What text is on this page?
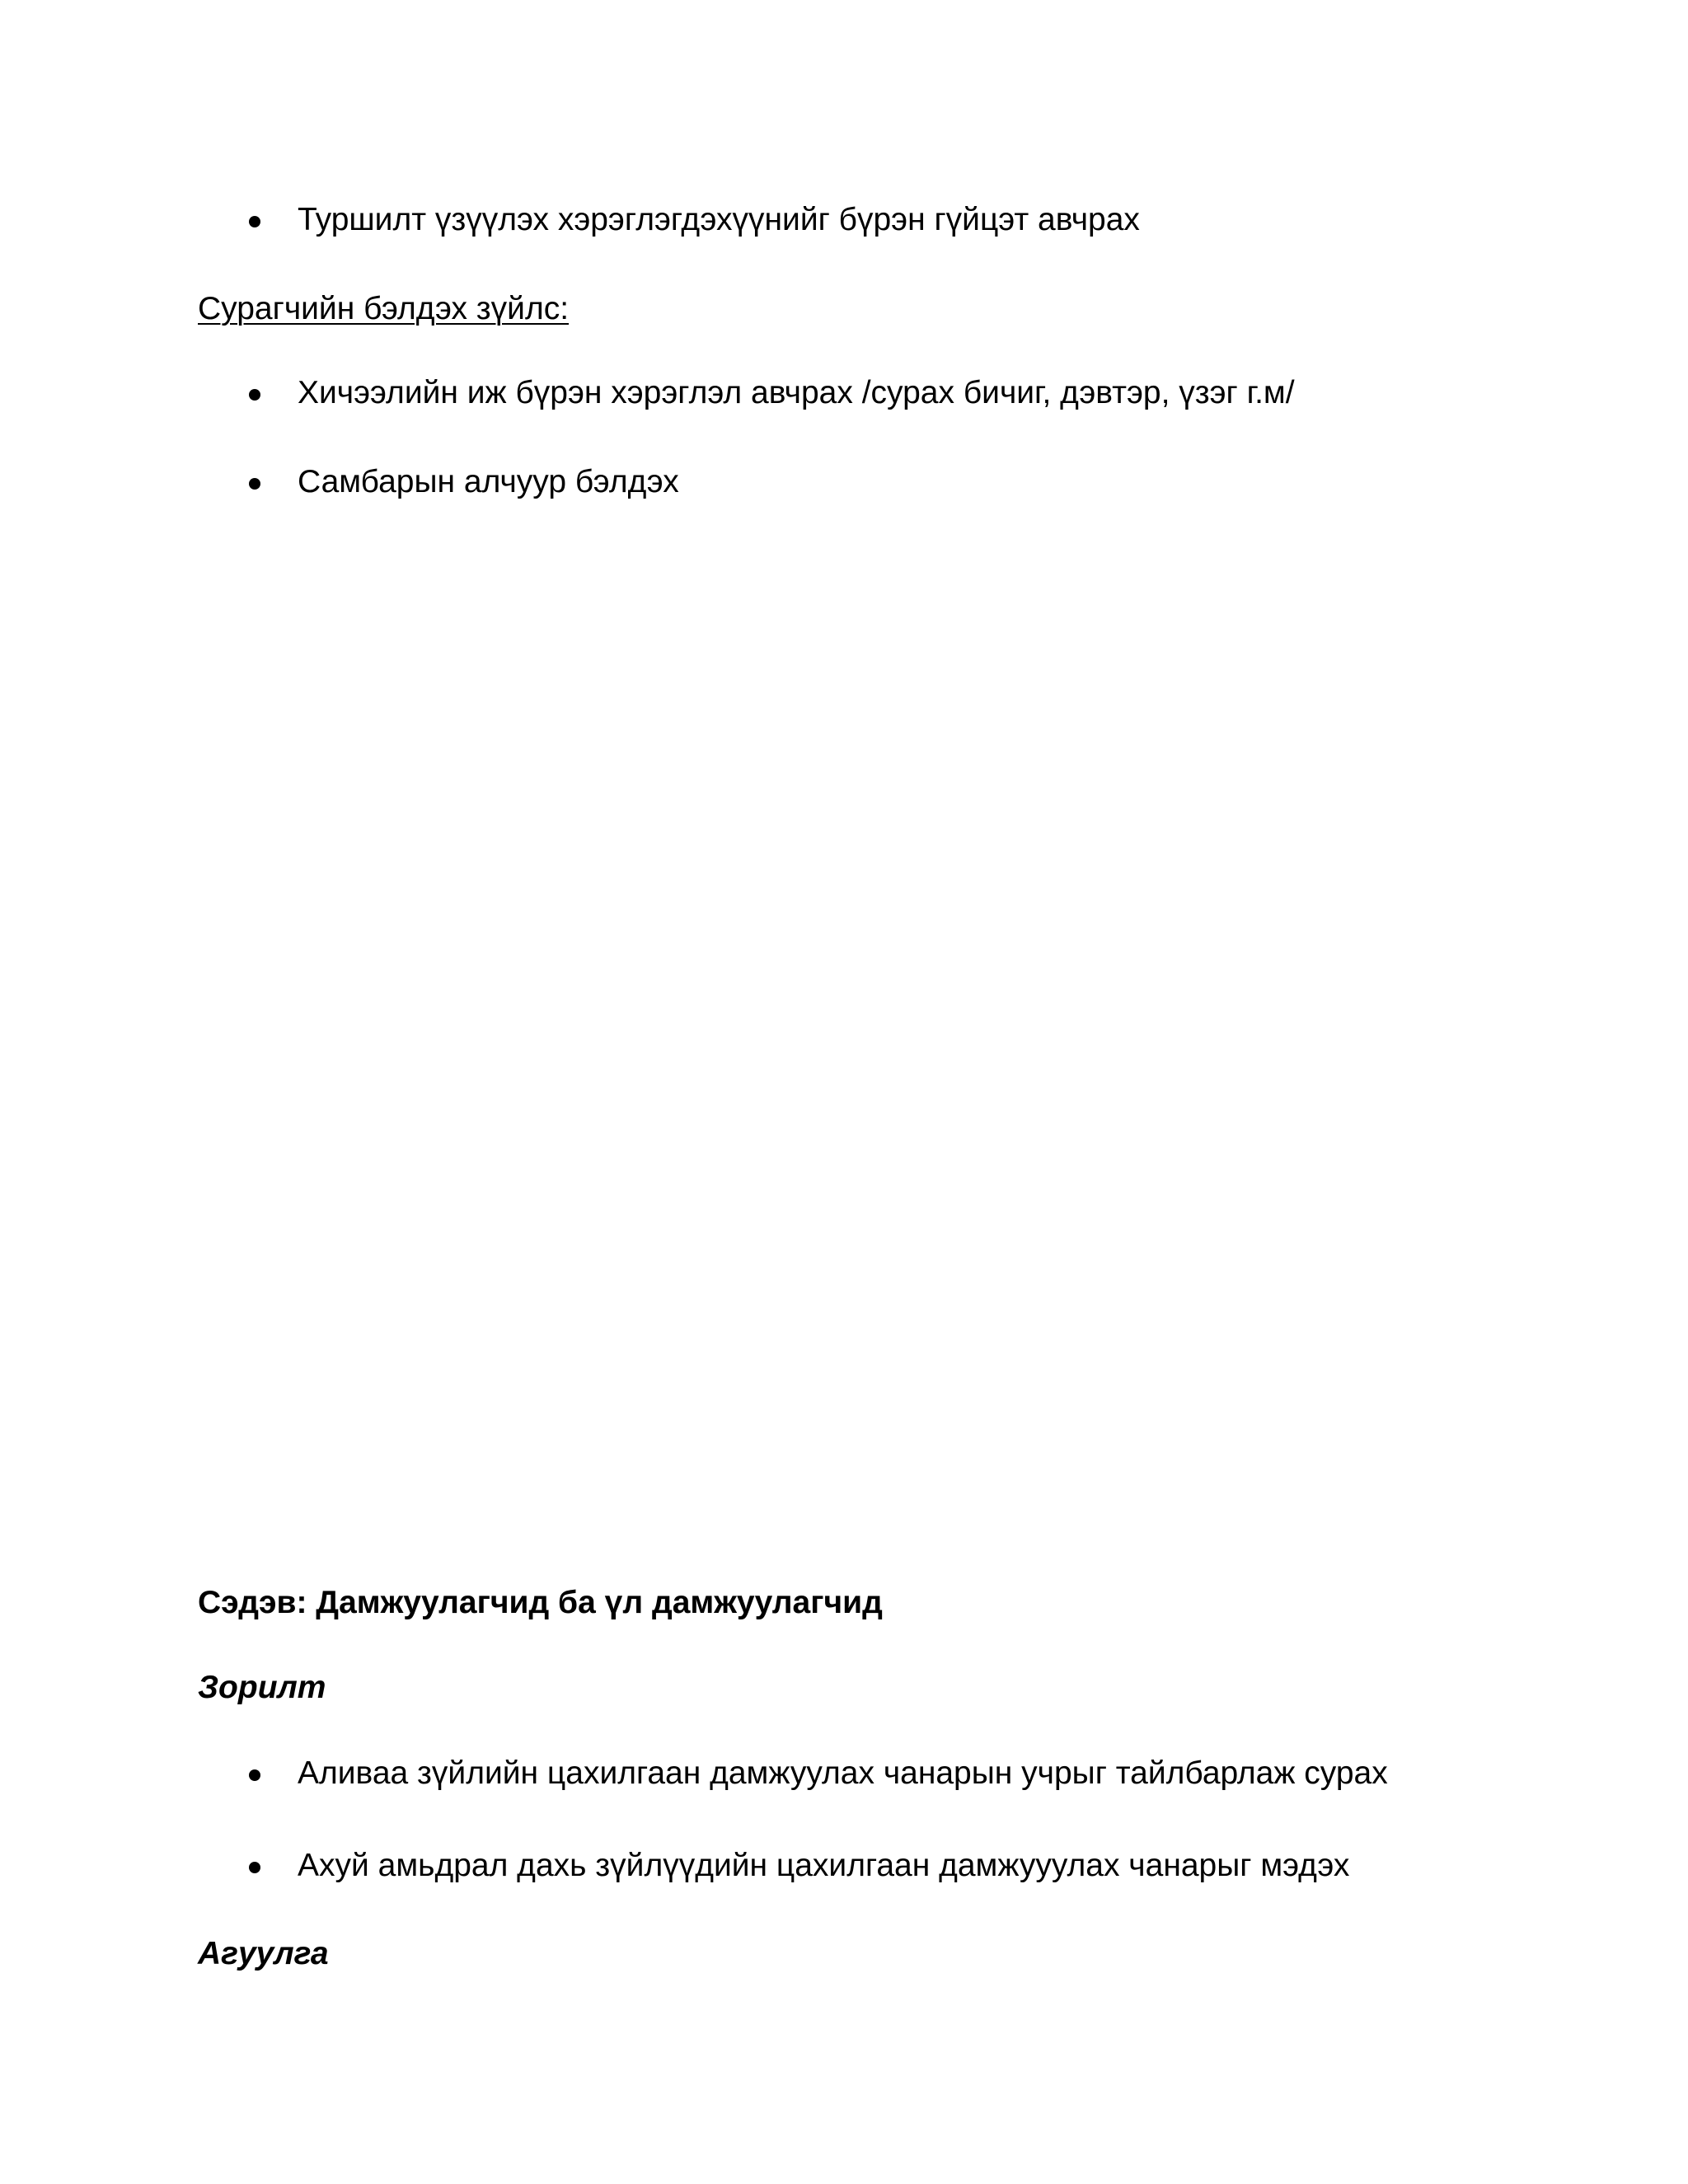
Туршилт үзүүлэх хэрэглэгдэхүүнийг бүрэн гүйцэт авчрах
Сурагчийн бэлдэх зүйлс:
Хичээлийн иж бүрэн хэрэглэл авчрах /сурах бичиг, дэвтэр, үзэг г.м/
Самбарын алчуур бэлдэх
Сэдэв: Дамжуулагчид ба үл дамжуулагчид
Зорилт
Аливаа зүйлийн цахилгаан дамжуулах чанарын учрыг тайлбарлаж сурах
Ахуй амьдрал дахь зүйлүүдийн цахилгаан дамжууулах чанарыг мэдэх
Агуулга
